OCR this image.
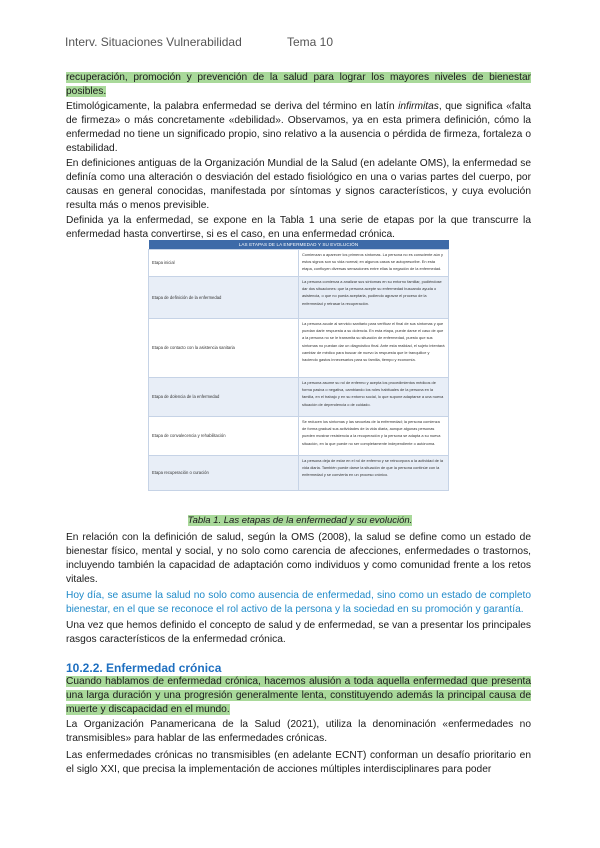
Interv. Situaciones Vulnerabilidad	Tema 10

recuperación, promoción y prevención de la salud para lograr los mayores niveles de bienestar posibles.

Etimológicamente, la palabra enfermedad se deriva del término en latín infirmitas, que significa «falta de firmeza» o más concretamente «debilidad». Observamos, ya en esta primera definición, cómo la enfermedad no tiene un significado propio, sino relativo a la ausencia o pérdida de firmeza, fortaleza o estabilidad.

En definiciones antiguas de la Organización Mundial de la Salud (en adelante OMS), la enfermedad se definía como una alteración o desviación del estado fisiológico en una o varias partes del cuerpo, por causas en general conocidas, manifestada por síntomas y signos característicos, y cuya evolución resulta más o menos previsible.

Definida ya la enfermedad, se expone en la Tabla 1 una serie de etapas por la que transcurre la enfermedad hasta convertirse, si es el caso, en una enfermedad crónica.

LAS ETAPAS DE LA ENFERMEDAD Y SU EVOLUCIÓN	
Etapa inicial	Comienzan a aparecer los primeros síntomas. La persona no es consciente aún y estos signos son su vida normal; en algunos casos se autoprescribe. En esta etapa, confluyen diversas sensaciones entre ellas la negación de la enfermedad.
Etapa de definición de la enfermedad	La persona comienza a analizar sus síntomas en su entorno familiar, pudiéndose dar dos situaciones: que la persona acepte su enfermedad buscando ayuda o asistencia, o que no pueda aceptarla, pudiendo agravar el proceso de la enfermedad y retrasar la recuperación.
Etapa de contacto con la asistencia sanitaria	La persona acude al servicio sanitario para verificar el final de sus síntomas y que puedan darle respuesta a su dolencia. En esta etapa, puede darse el caso de que a la persona no se le transmita su situación de enfermedad, puesto que sus síntomas no puedan dar un diagnóstico final. Ante esta realidad, el sujeto intentará cambiar de médico para buscar de nuevo la respuesta que le tranquilice y haciendo gastos innecesarios para su familia, tiempo y economía.
Etapa de dolencia de la enfermedad	La persona asume su rol de enfermo y acepta los procedimientos médicos de forma pasiva o negativa, cambiando los roles habituales de la persona en la familia, en el trabajo y en su entorno social, lo que supone adaptarse a una nueva situación de dependencia o de cuidado.
Etapa de convalecencia y rehabilitación	Se reducen los síntomas y las secuelas de la enfermedad; la persona comienza de forma gradual sus actividades de la vida diaria, aunque algunas personas pueden mostrar resistencia a la recuperación y la persona se adapta a su nueva situación, en la que puede no ser completamente independiente o autónoma.
Etapa recuperación o curación	La persona deja de estar en el rol de enfermo y se reincorpora a la actividad de la vida diaria. También puede darse la situación de que la persona continúe con la enfermedad y se convierta en un proceso crónico.
Tabla 1. Las etapas de la enfermedad y su evolución.

En relación con la definición de salud, según la OMS (2008), la salud se define como un estado de bienestar físico, mental y social, y no solo como carencia de afecciones, enfermedades o trastornos, incluyendo también la capacidad de adaptación como individuos y como comunidad frente a los retos vitales.

Hoy día, se asume la salud no solo como ausencia de enfermedad, sino como un estado de completo bienestar, en el que se reconoce el rol activo de la persona y la sociedad en su promoción y garantía.

Una vez que hemos definido el concepto de salud y de enfermedad, se van a presentar los principales rasgos característicos de la enfermedad crónica.

10.2.2. Enfermedad crónica

Cuando hablamos de enfermedad crónica, hacemos alusión a toda aquella enfermedad que presenta una larga duración y una progresión generalmente lenta, constituyendo además la principal causa de muerte y discapacidad en el mundo.

La Organización Panamericana de la Salud (2021), utiliza la denominación «enfermedades no transmisibles» para hablar de las enfermedades crónicas.

Las enfermedades crónicas no transmisibles (en adelante ECNT) conforman un desafío prioritario en el siglo XXI, que precisa la implementación de acciones múltiples interdisciplinares para poder
